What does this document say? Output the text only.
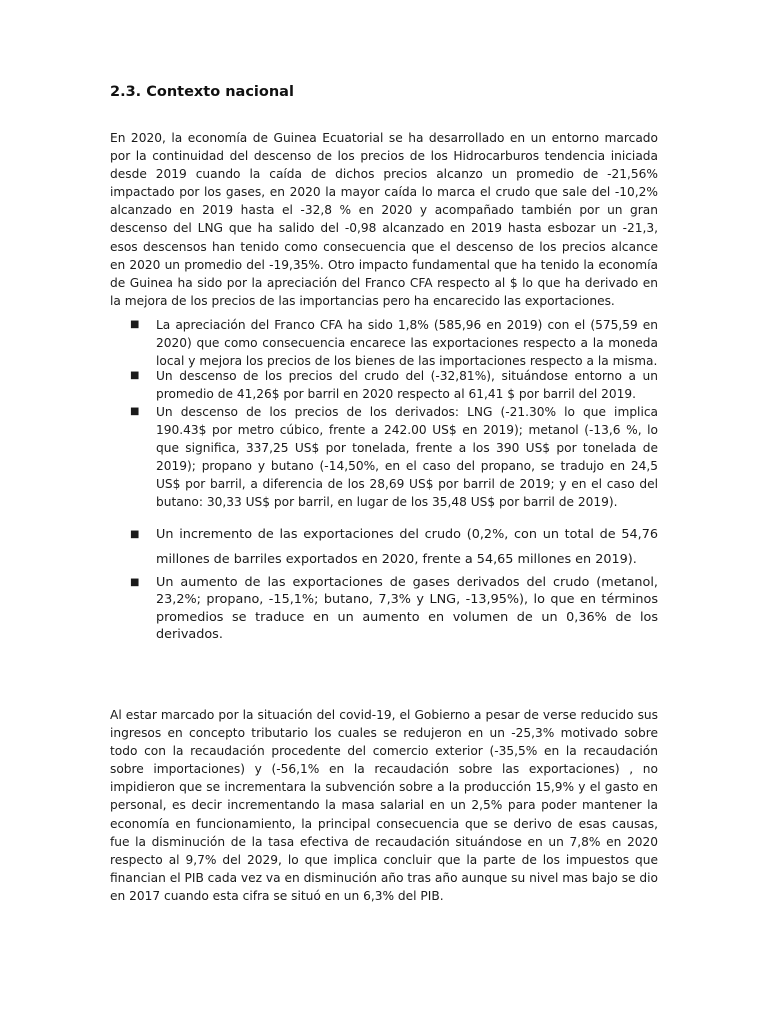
2.3. Contexto nacional

En 2020, la economía de Guinea Ecuatorial se ha desarrollado en un entorno marcado por la continuidad del descenso de los precios de los Hidrocarburos tendencia iniciada desde 2019 cuando la caída de dichos precios alcanzo un promedio de -21,56% impactado por los gases, en 2020 la mayor caída lo marca el crudo que sale del -10,2% alcanzado en 2019 hasta el -32,8 % en 2020 y acompañado también por un gran descenso del LNG que ha salido del -0,98 alcanzado en 2019 hasta esbozar un -21,3, esos descensos han tenido como consecuencia que el descenso de los precios alcance en 2020 un promedio del -19,35%. Otro impacto fundamental que ha tenido la economía de Guinea ha sido por la apreciación del Franco CFA respecto al $ lo que ha derivado en la mejora de los precios de las importancias pero ha encarecido las exportaciones.

■ La apreciación del Franco CFA ha sido 1,8% (585,96 en 2019) con el (575,59 en 2020) que como consecuencia encarece las exportaciones respecto a la moneda local y mejora los precios de los bienes de las importaciones respecto a la misma.
■ Un descenso de los precios del crudo del (-32,81%), situándose entorno a un promedio de 41,26$ por barril en 2020 respecto al 61,41 $ por barril del 2019.
■ Un descenso de los precios de los derivados: LNG (-21.30% lo que implica 190.43$ por metro cúbico, frente a 242.00 US$ en 2019); metanol (-13,6 %, lo que significa, 337,25 US$ por tonelada, frente a los 390 US$ por tonelada de 2019); propano y butano (-14,50%, en el caso del propano, se tradujo en 24,5 US$ por barril, a diferencia de los 28,69 US$ por barril de 2019; y en el caso del butano: 30,33 US$ por barril, en lugar de los 35,48 US$ por barril de 2019).
■ Un incremento de las exportaciones del crudo (0,2%, con un total de 54,76 millones de barriles exportados en 2020, frente a 54,65 millones en 2019).
■ Un aumento de las exportaciones de gases derivados del crudo (metanol, 23,2%; propano, -15,1%; butano, 7,3% y LNG, -13,95%), lo que en términos promedios se traduce en un aumento en volumen de un 0,36% de los derivados.

Al estar marcado por la situación del covid-19, el Gobierno a pesar de verse reducido sus ingresos en concepto tributario los cuales se redujeron en un -25,3% motivado sobre todo con la recaudación procedente del comercio exterior (-35,5% en la recaudación sobre importaciones) y (-56,1% en la recaudación sobre las exportaciones) , no impidieron que se incrementara la subvención sobre a la producción 15,9% y el gasto en personal, es decir incrementando la masa salarial en un 2,5% para poder mantener la economía en funcionamiento, la principal consecuencia que se derivo de esas causas, fue la disminución de la tasa efectiva de recaudación situándose en un 7,8% en 2020 respecto al 9,7% del 2029, lo que implica concluir que la parte de los impuestos que financian el PIB cada vez va en disminución año tras año aunque su nivel mas bajo se dio en 2017 cuando esta cifra se situó en un 6,3% del PIB.
